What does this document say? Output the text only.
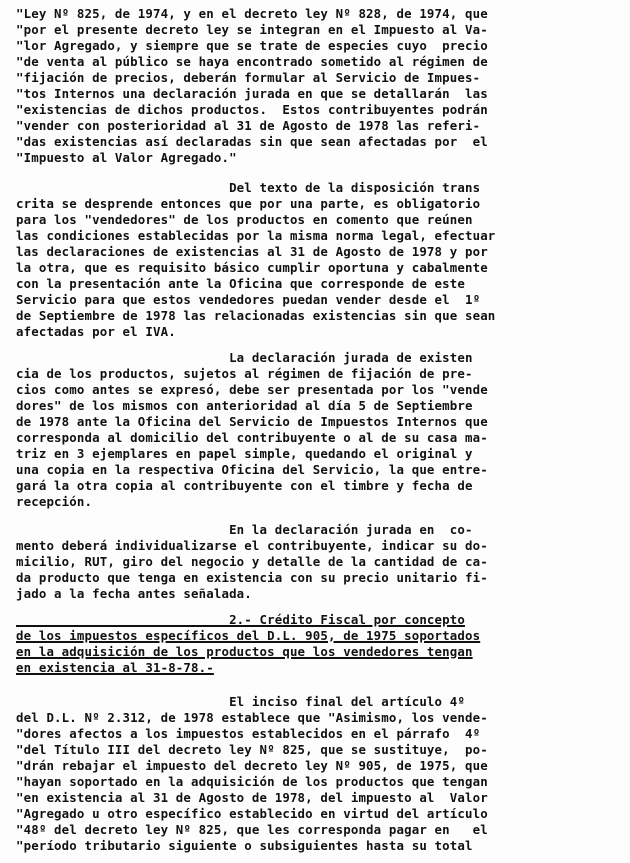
"Ley Nº 825, de 1974, y en el decreto ley Nº 828, de 1974, que
"por el presente decreto ley se integran en el Impuesto al Va-
"lor Agregado, y siempre que se trate de especies cuyo  precio
"de venta al público se haya encontrado sometido al régimen de
"fijación de precios, deberán formular al Servicio de Impues-
"tos Internos una declaración jurada en que se detallarán  las
"existencias de dichos productos.  Estos contribuyentes podrán
"vender con posterioridad al 31 de Agosto de 1978 las referi-
"das existencias así declaradas sin que sean afectadas por  el
"Impuesto al Valor Agregado."
Del texto de la disposición trans
crita se desprende entonces que por una parte, es obligatorio
para los "vendedores" de los productos en comento que reúnen
las condiciones establecidas por la misma norma legal, efectuar
las declaraciones de existencias al 31 de Agosto de 1978 y por
la otra, que es requisito básico cumplir oportuna y cabalmente
con la presentación ante la Oficina que corresponde de este
Servicio para que estos vendedores puedan vender desde el  1º
de Septiembre de 1978 las relacionadas existencias sin que sean
afectadas por el IVA.
La declaración jurada de existen
cia de los productos, sujetos al régimen de fijación de pre-
cios como antes se expresó, debe ser presentada por los "vende
dores" de los mismos con anterioridad al día 5 de Septiembre
de 1978 ante la Oficina del Servicio de Impuestos Internos que
corresponda al domicilio del contribuyente o al de su casa ma-
triz en 3 ejemplares en papel simple, quedando el original y
una copia en la respectiva Oficina del Servicio, la que entre-
gará la otra copia al contribuyente con el timbre y fecha de
recepción.
En la declaración jurada en  co-
mento deberá individualizarse el contribuyente, indicar su do-
micilio, RUT, giro del negocio y detalle de la cantidad de ca-
da producto que tenga en existencia con su precio unitario fi-
jado a la fecha antes señalada.
2.- Crédito Fiscal por concepto
de los impuestos específicos del D.L. 905, de 1975 soportados
en la adquisición de los productos que los vendedores tengan
en existencia al 31-8-78.-
El inciso final del artículo 4º
del D.L. Nº 2.312, de 1978 establece que "Asimismo, los vende-
"dores afectos a los impuestos establecidos en el párrafo  4º
"del Título III del decreto ley Nº 825, que se sustituye,  po-
"drán rebajar el impuesto del decreto ley Nº 905, de 1975, que
"hayan soportado en la adquisición de los productos que tengan
"en existencia al 31 de Agosto de 1978, del impuesto al  Valor
"Agregado u otro específico establecido en virtud del artículo
"48º del decreto ley Nº 825, que les corresponda pagar en   el
"período tributario siguiente o subsiguientes hasta su total
